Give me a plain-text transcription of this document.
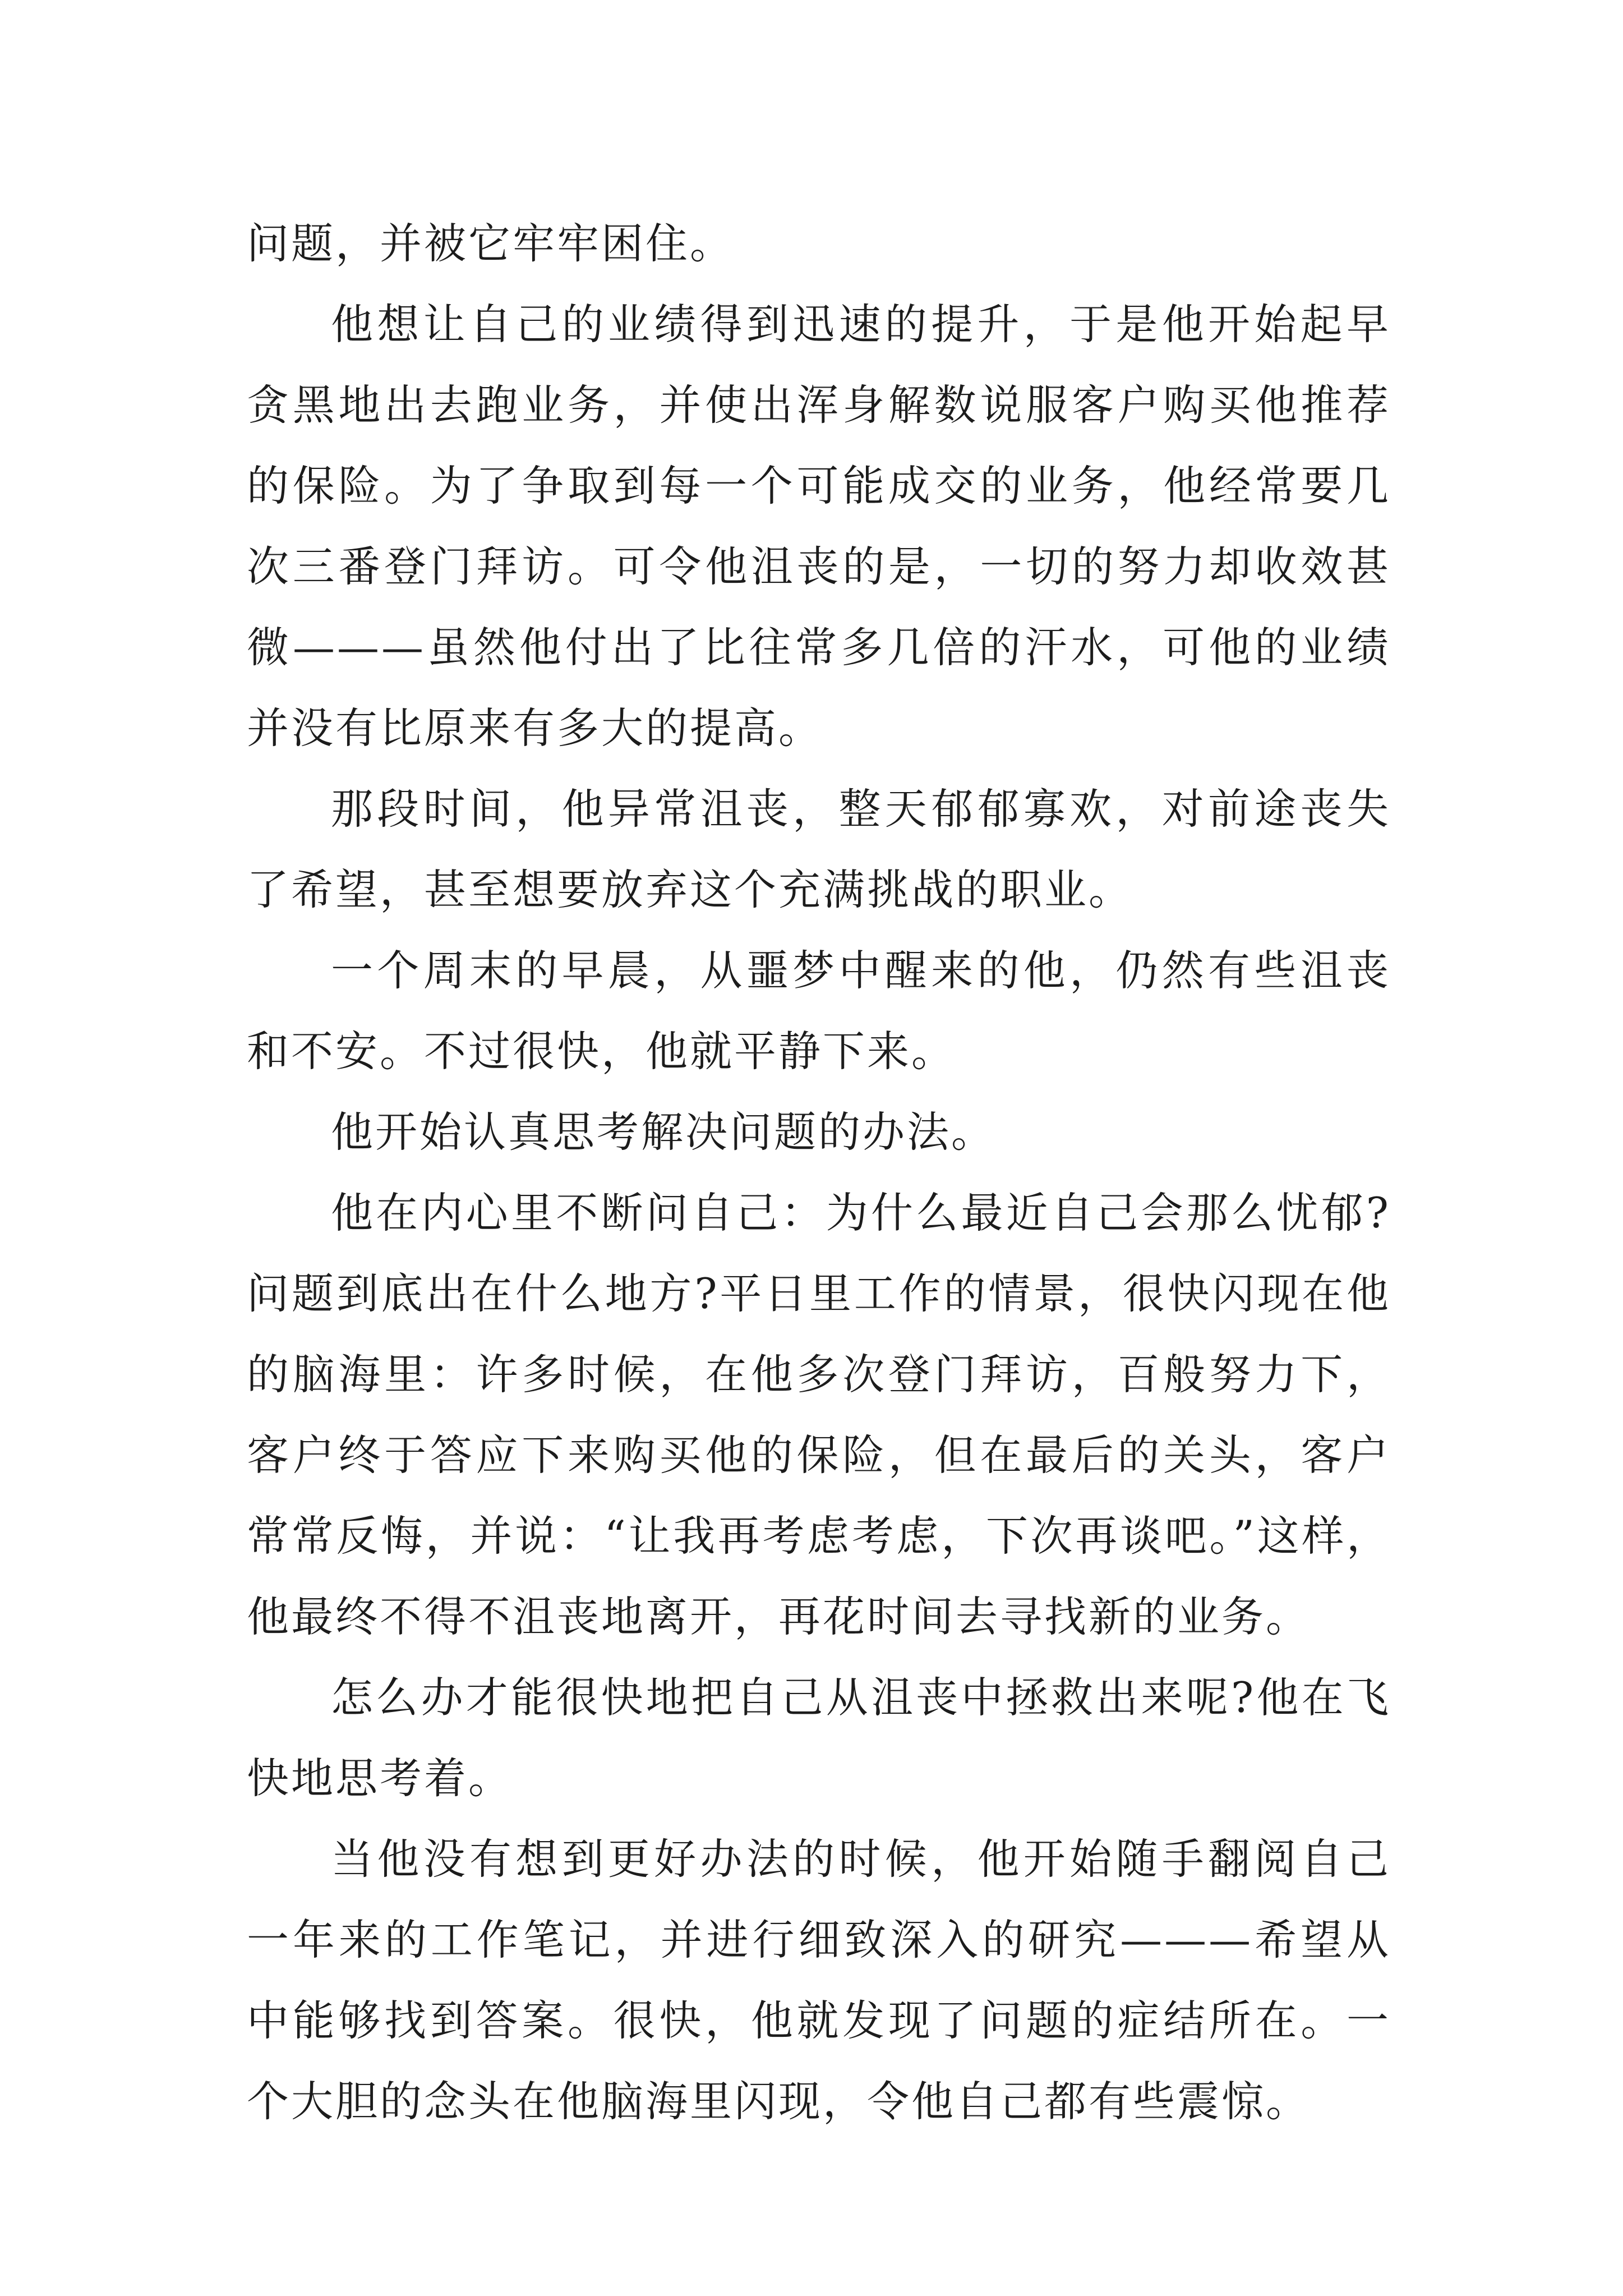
问题，并被它牢牢困住。

他想让自己的业绩得到迅速的提升，于是他开始起早贪黑地出去跑业务，并使出浑身解数说服客户购买他推荐的保险。为了争取到每一个可能成交的业务，他经常要几次三番登门拜访。可令他沮丧的是，一切的努力却收效甚微———虽然他付出了比往常多几倍的汗水，可他的业绩并没有比原来有多大的提高。

那段时间，他异常沮丧，整天郁郁寡欢，对前途丧失了希望，甚至想要放弃这个充满挑战的职业。

一个周末的早晨，从噩梦中醒来的他，仍然有些沮丧和不安。不过很快，他就平静下来。

他开始认真思考解决问题的办法。

他在内心里不断问自己：为什么最近自己会那么忧郁?问题到底出在什么地方?平日里工作的情景，很快闪现在他的脑海里：许多时候，在他多次登门拜访，百般努力下，客户终于答应下来购买他的保险，但在最后的关头，客户常常反悔，并说：“让我再考虑考虑，下次再谈吧。”这样，他最终不得不沮丧地离开，再花时间去寻找新的业务。

怎么办才能很快地把自己从沮丧中拯救出来呢?他在飞快地思考着。

当他没有想到更好办法的时候，他开始随手翻阅自己一年来的工作笔记，并进行细致深入的研究———希望从中能够找到答案。很快，他就发现了问题的症结所在。一个大胆的念头在他脑海里闪现，令他自己都有些震惊。
